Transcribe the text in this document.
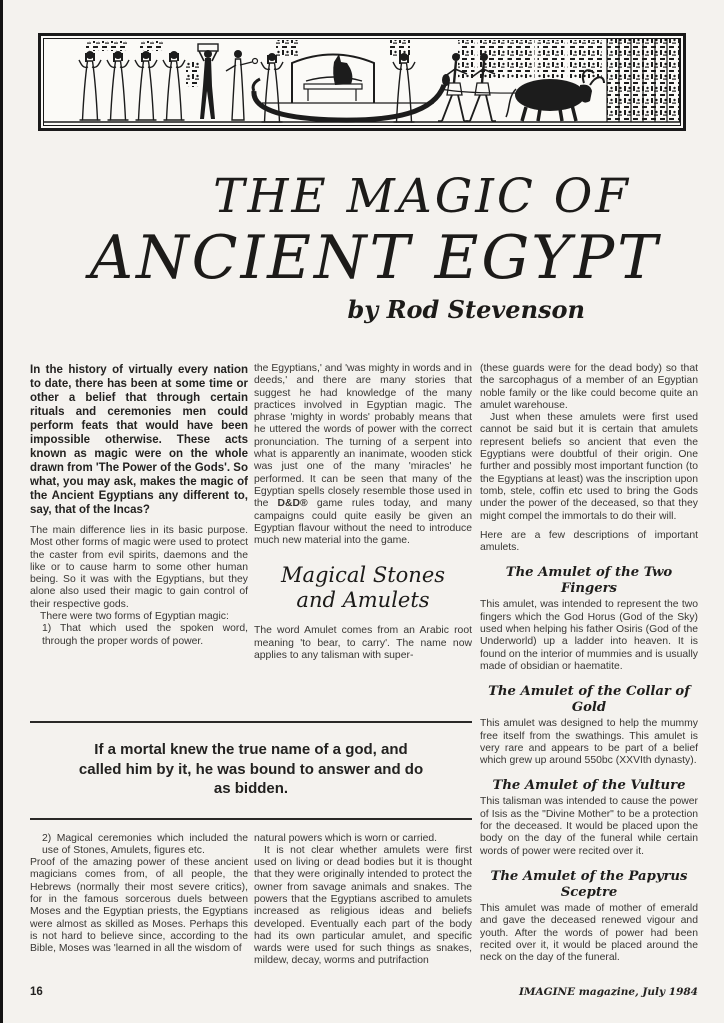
THE MAGIC OF
ANCIENT EGYPT
by Rod Stevenson

In the history of virtually every nation to date, there has been at some time or other a belief that through certain rituals and ceremonies men could perform feats that would have been impossible otherwise. These acts known as magic were on the whole drawn from 'The Power of the Gods'. So what, you may ask, makes the magic of the Ancient Egyptians any different to, say, that of the Incas?

The main difference lies in its basic purpose. Most other forms of magic were used to protect the caster from evil spirits, daemons and the like or to cause harm to some other human being. So it was with the Egyptians, but they alone also used their magic to gain control of their respective gods.

There were two forms of Egyptian magic:

1) That which used the spoken word, through the proper words of power.

the Egyptians,' and 'was mighty in words and in deeds,' and there are many stories that suggest he had knowledge of the many practices involved in Egyptian magic. The phrase 'mighty in words' probably means that he uttered the words of power with the correct pronunciation. The turning of a serpent into what is apparently an inanimate, wooden stick was just one of the many 'miracles' he performed. It can be seen that many of the Egyptian spells closely resemble those used in the D&D® game rules today, and many campaigns could quite easily be given an Egyptian flavour without the need to introduce much new material into the game.

Magical Stones
and Amulets

The word Amulet comes from an Arabic root meaning 'to bear, to carry'. The name now applies to any talisman with super-

If a mortal knew the true name of a god, and called him by it, he was bound to answer and do as bidden.

2) Magical ceremonies which included the use of Stones, Amulets, figures etc.

Proof of the amazing power of these ancient magicians comes from, of all people, the Hebrews (normally their most severe critics), for in the famous sorcerous duels between Moses and the Egyptian priests, the Egyptians were almost as skilled as Moses. Perhaps this is not hard to believe since, according to the Bible, Moses was 'learned in all the wisdom of

natural powers which is worn or carried.

It is not clear whether amulets were first used on living or dead bodies but it is thought that they were originally intended to protect the owner from savage animals and snakes. The powers that the Egyptians ascribed to amulets increased as religious ideas and beliefs developed. Eventually each part of the body had its own particular amulet, and specific wards were used for such things as snakes, mildew, decay, worms and putrifaction

(these guards were for the dead body) so that the sarcophagus of a member of an Egyptian noble family or the like could become quite an amulet warehouse.

Just when these amulets were first used cannot be said but it is certain that amulets represent beliefs so ancient that even the Egyptians were doubtful of their origin. One further and possibly most important function (to the Egyptians at least) was the inscription upon tomb, stele, coffin etc used to bring the Gods under the power of the deceased, so that they might compel the immortals to do their will.

Here are a few descriptions of important amulets.

The Amulet of the Two Fingers

This amulet, was intended to represent the two fingers which the God Horus (God of the Sky) used when helping his father Osiris (God of the Underworld) up a ladder into heaven. It is found on the interior of mummies and is usually made of obsidian or haematite.

The Amulet of the Collar of Gold

This amulet was designed to help the mummy free itself from the swathings. This amulet is very rare and appears to be part of a belief which grew up around 550bc (XXVIth dynasty).

The Amulet of the Vulture

This talisman was intended to cause the power of Isis as the "Divine Mother" to be a protection for the deceased. It would be placed upon the body on the day of the funeral while certain words of power were recited over it.

The Amulet of the Papyrus Sceptre

This amulet was made of mother of emerald and gave the deceased renewed vigour and youth. After the words of power had been recited over it, it would be placed around the neck on the day of the funeral.

16	IMAGINE magazine, July 1984
